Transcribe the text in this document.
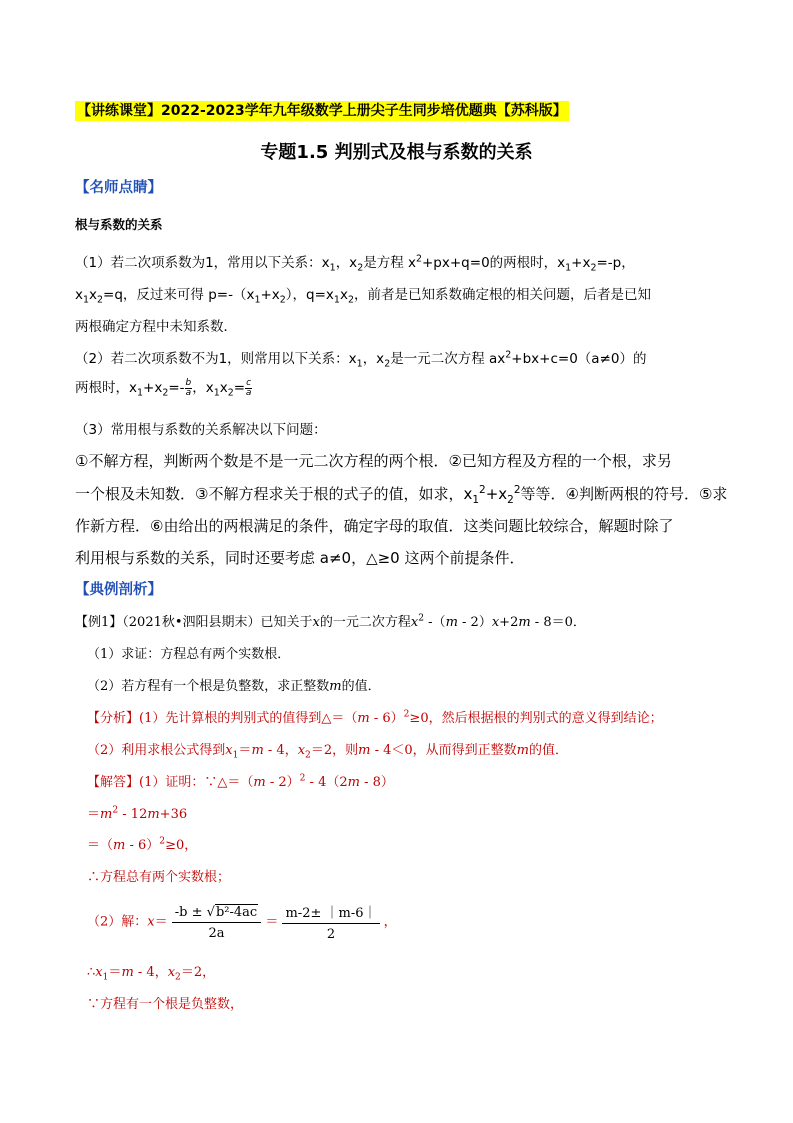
【讲练课堂】2022-2023学年九年级数学上册尖子生同步培优题典【苏科版】
专题1.5 判别式及根与系数的关系
【名师点睛】
根与系数的关系
（1）若二次项系数为1，常用以下关系：$x_1$，$x_2$是方程 $x^2+px+q=0$的两根时，$x_1+x_2=-p$，
$x_1x_2=q$，反过来可得 $p=-(x_1+x_2)$，$q=x_1x_2$，前者是已知系数确定根的相关问题，后者是已知
两根确定方程中未知系数．
（2）若二次项系数不为1，则常用以下关系：$x_1$，$x_2$是一元二次方程 $ax^2+bx+c=0(a\ne 0)$的
两根时，$x_1+x_2=- \frac{b}{a}$ ，$x_1x_2= \frac{c}{a}$
（3）常用根与系数的关系解决以下问题：
①不解方程，判断两个数是不是一元二次方程的两个根．②已知方程及方程的一个根，求另
一个根及未知数．③不解方程求关于根的式子的值，如求，$x_1^2+x_2^2$等等．④判断两根的符号．⑤求
作新方程．⑥由给出的两根满足的条件，确定字母的取值．这类问题比较综合，解题时除了
利用根与系数的关系，同时还要考虑 a≠0，△≥0 这两个前提条件．
【典例剖析】
【例1】（2021秋•泗阳县期末）已知关于x的一元二次方程$x^2$ -（m - 2）x+2m - 8＝0．
（1）求证：方程总有两个实数根．
（2）若方程有一个根是负整数，求正整数m的值．
【分析】(1）先计算根的判别式的值得到△＝（m - 6）$^2$≥0，然后根据根的判别式的意义得到结论；
（2）利用求根公式得到$x_1=m - 4$，$x_2=2$，则m - 4＜0，从而得到正整数m的值．
【解答】(1）证明：∵△＝（m - 2）$^2$ - 4（2m - 8）
$=m^2 - 12m+36$
＝（m - 6）$^2$≥0，
∴方程总有两个实数根；
（2）解：$x= \frac{\text{-b ± √b²-4ac}}{2a} = \frac{m-2\pm |m-6|}{2}$ ，
$\therefore x_1=m - 4$，$x_2=2$，
∵方程有一个根是负整数，
